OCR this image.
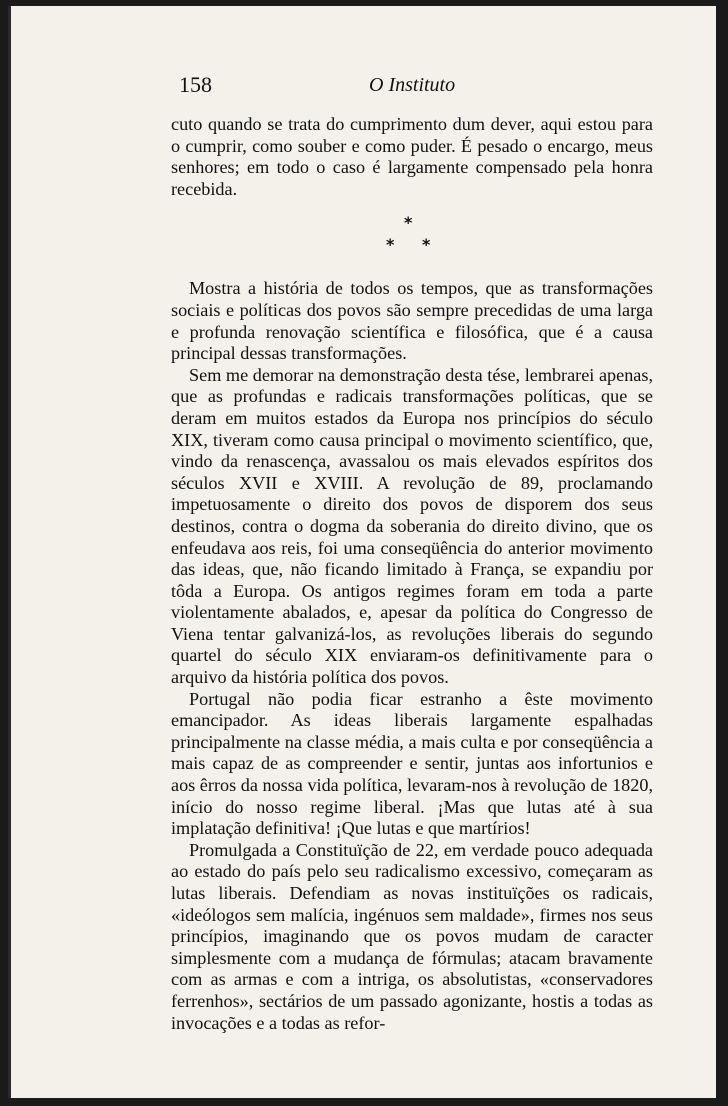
158	O Instituto

cuto quando se trata do cumprimento dum dever, aqui estou para o cumprir, como souber e como puder. É pesado o encargo, meus senhores; em todo o caso é largamente compensado pela honra recebida.

*
* *

Mostra a história de todos os tempos, que as transformações sociais e políticas dos povos são sempre precedidas de uma larga e profunda renovação scientífica e filosófica, que é a causa principal dessas transformações.

Sem me demorar na demonstração desta tése, lembrarei apenas, que as profundas e radicais transformações políticas, que se deram em muitos estados da Europa nos princípios do século XIX, tiveram como causa principal o movimento scientífico, que, vindo da renascença, avassalou os mais elevados espíritos dos séculos XVII e XVIII. A revolução de 89, proclamando impetuosamente o direito dos povos de disporem dos seus destinos, contra o dogma da soberania do direito divino, que os enfeudava aos reis, foi uma conseqüência do anterior movimento das ideas, que, não ficando limitado à França, se expandiu por tôda a Europa. Os antigos regimes foram em toda a parte violentamente abalados, e, apesar da política do Congresso de Viena tentar galvanizá-los, as revoluções liberais do segundo quartel do século XIX enviaram-os definitivamente para o arquivo da história política dos povos.

Portugal não podia ficar estranho a êste movimento emancipador. As ideas liberais largamente espalhadas principalmente na classe média, a mais culta e por conseqüência a mais capaz de as compreender e sentir, juntas aos infortunios e aos êrros da nossa vida política, levaram-nos à revolução de 1820, início do nosso regime liberal. ¡Mas que lutas até à sua implatação definitiva! ¡Que lutas e que martírios!

Promulgada a Constituïção de 22, em verdade pouco adequada ao estado do país pelo seu radicalismo excessivo, começaram as lutas liberais. Defendiam as novas instituïções os radicais, «ideólogos sem malícia, ingénuos sem maldade», firmes nos seus princípios, imaginando que os povos mudam de caracter simplesmente com a mudança de fórmulas; atacam bravamente com as armas e com a intriga, os absolutistas, «conservadores ferrenhos», sectários de um passado agonizante, hostis a todas as invocações e a todas as refor-
